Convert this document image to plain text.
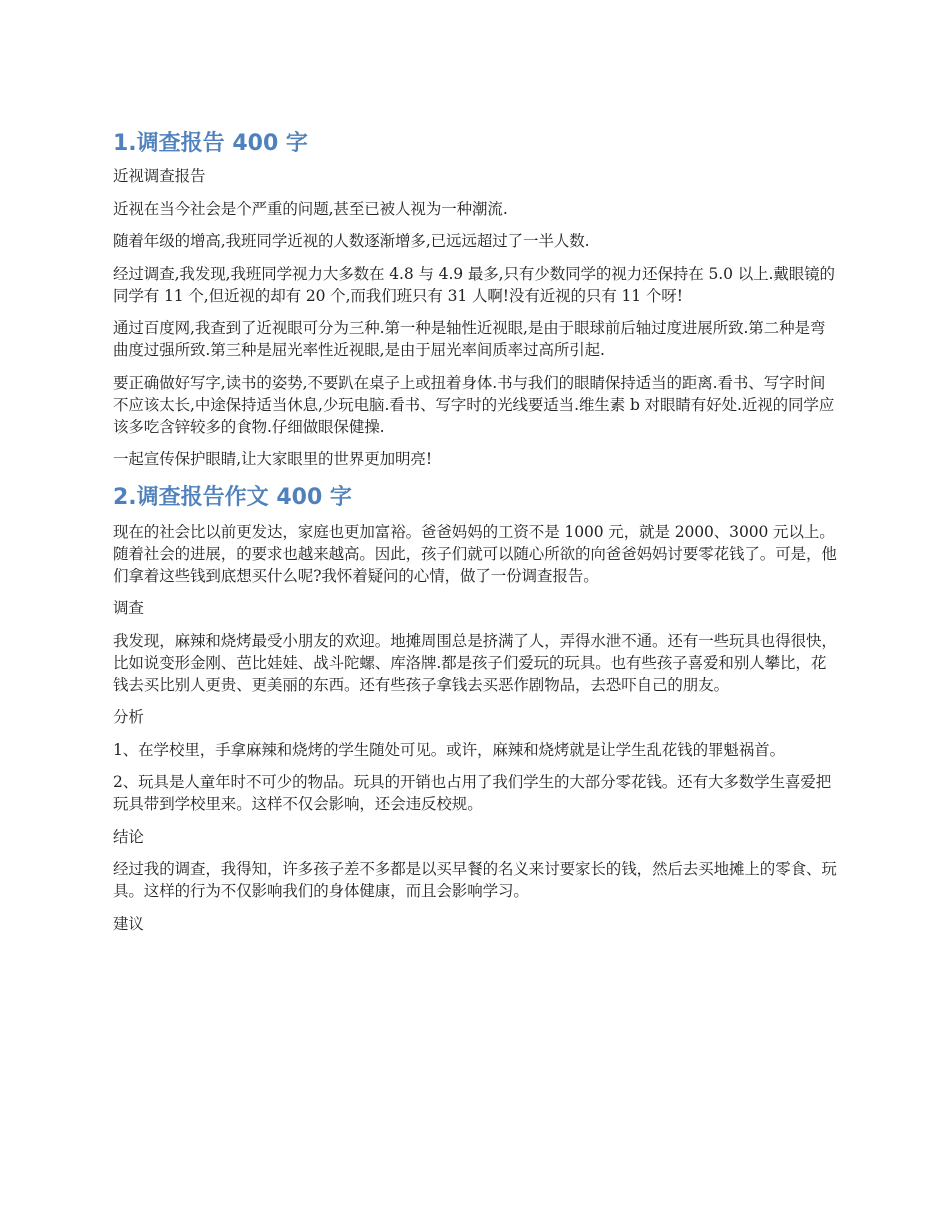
1.调查报告 400 字

近视调查报告

近视在当今社会是个严重的问题,甚至已被人视为一种潮流.

随着年级的增高,我班同学近视的人数逐渐增多,已远远超过了一半人数.

经过调查,我发现,我班同学视力大多数在 4.8 与 4.9 最多,只有少数同学的视力还保持在 5.0 以上.戴眼镜的同学有 11 个,但近视的却有 20 个,而我们班只有 31 人啊!没有近视的只有 11 个呀!

通过百度网,我查到了近视眼可分为三种.第一种是轴性近视眼,是由于眼球前后轴过度进展所致.第二种是弯曲度过强所致.第三种是屈光率性近视眼,是由于屈光率间质率过高所引起.

要正确做好写字,读书的姿势,不要趴在桌子上或扭着身体.书与我们的眼睛保持适当的距离.看书、写字时间不应该太长,中途保持适当休息,少玩电脑.看书、写字时的光线要适当.维生素 b 对眼睛有好处.近视的同学应该多吃含锌较多的食物.仔细做眼保健操.

一起宣传保护眼睛,让大家眼里的世界更加明亮!

2.调查报告作文 400 字

现在的社会比以前更发达，家庭也更加富裕。爸爸妈妈的工资不是 1000 元，就是 2000、3000 元以上。随着社会的进展，的要求也越来越高。因此，孩子们就可以随心所欲的向爸爸妈妈讨要零花钱了。可是，他们拿着这些钱到底想买什么呢?我怀着疑问的心情，做了一份调查报告。

调查

我发现，麻辣和烧烤最受小朋友的欢迎。地摊周围总是挤满了人，弄得水泄不通。还有一些玩具也得很快，比如说变形金刚、芭比娃娃、战斗陀螺、库洛牌.都是孩子们爱玩的玩具。也有些孩子喜爱和别人攀比，花钱去买比别人更贵、更美丽的东西。还有些孩子拿钱去买恶作剧物品，去恐吓自己的朋友。

分析

1、在学校里，手拿麻辣和烧烤的学生随处可见。或许，麻辣和烧烤就是让学生乱花钱的罪魁祸首。

2、玩具是人童年时不可少的物品。玩具的开销也占用了我们学生的大部分零花钱。还有大多数学生喜爱把玩具带到学校里来。这样不仅会影响，还会违反校规。

结论

经过我的调查，我得知，许多孩子差不多都是以买早餐的名义来讨要家长的钱，然后去买地摊上的零食、玩具。这样的行为不仅影响我们的身体健康，而且会影响学习。

建议
